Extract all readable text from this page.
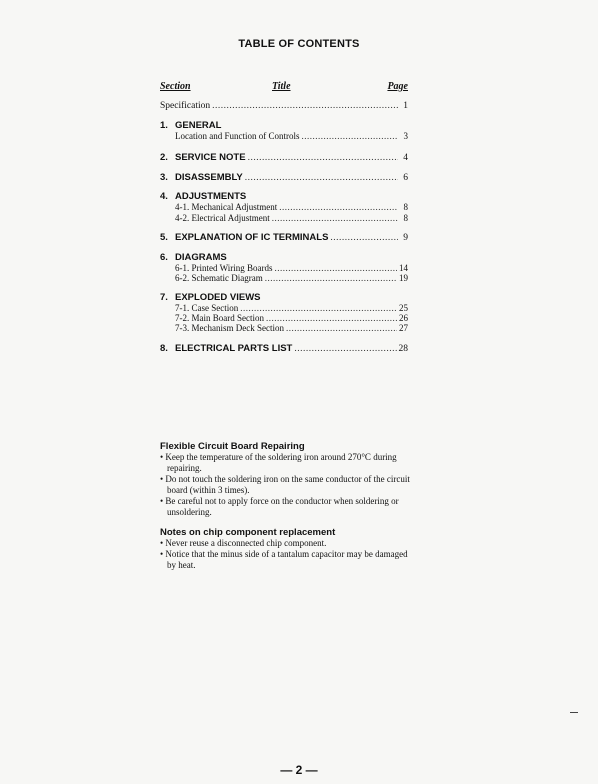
TABLE OF CONTENTS
Section	Title	Page
Specification .....	1
1. GENERAL
Location and Function of Controls .....	3
2. SERVICE NOTE .....	4
3. DISASSEMBLY .....	6
4. ADJUSTMENTS
4-1. Mechanical Adjustment .....	8
4-2. Electrical Adjustment .....	8
5. EXPLANATION OF IC TERMINALS .....	9
6. DIAGRAMS
6-1. Printed Wiring Boards .....	14
6-2. Schematic Diagram .....	19
7. EXPLODED VIEWS
7-1. Case Section .....	25
7-2. Main Board Section .....	26
7-3. Mechanism Deck Section .....	27
8. ELECTRICAL PARTS LIST .....	28
Flexible Circuit Board Repairing
• Keep the temperature of the soldering iron around 270°C during repairing.
• Do not touch the soldering iron on the same conductor of the circuit board (within 3 times).
• Be careful not to apply force on the conductor when soldering or unsoldering.
Notes on chip component replacement
• Never reuse a disconnected chip component.
• Notice that the minus side of a tantalum capacitor may be damaged by heat.
— 2 —
